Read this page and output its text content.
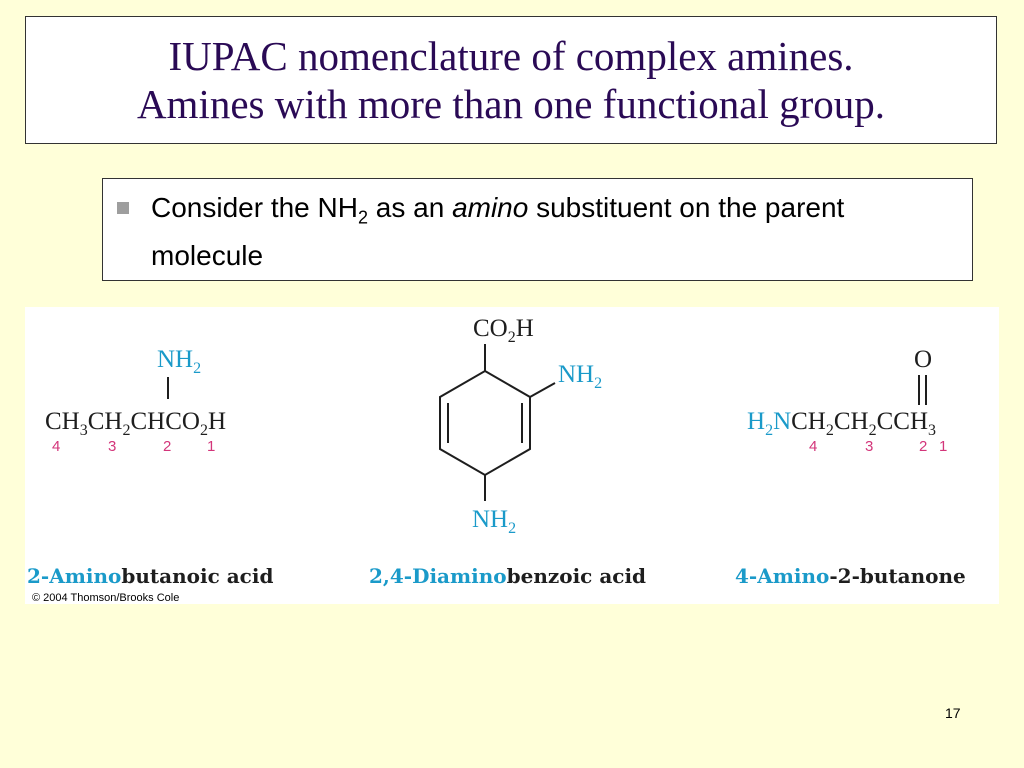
IUPAC nomenclature of complex amines.
Amines with more than one functional group.
Consider the $NH_2$ as an amino substituent on the parent molecule
$NH_2$
$CH_3CH_2CHCO_2H$
4	3	2 1
$CO_2H$
$NH_2$
$NH_2$
O
$H_2NCH_2CH_2CCH_3$
4	3	2 1
2-Aminobutanoic acid	2,4-Diaminobenzoic acid	4-Amino-2-butanone
© 2004 Thomson/Brooks Cole
17
